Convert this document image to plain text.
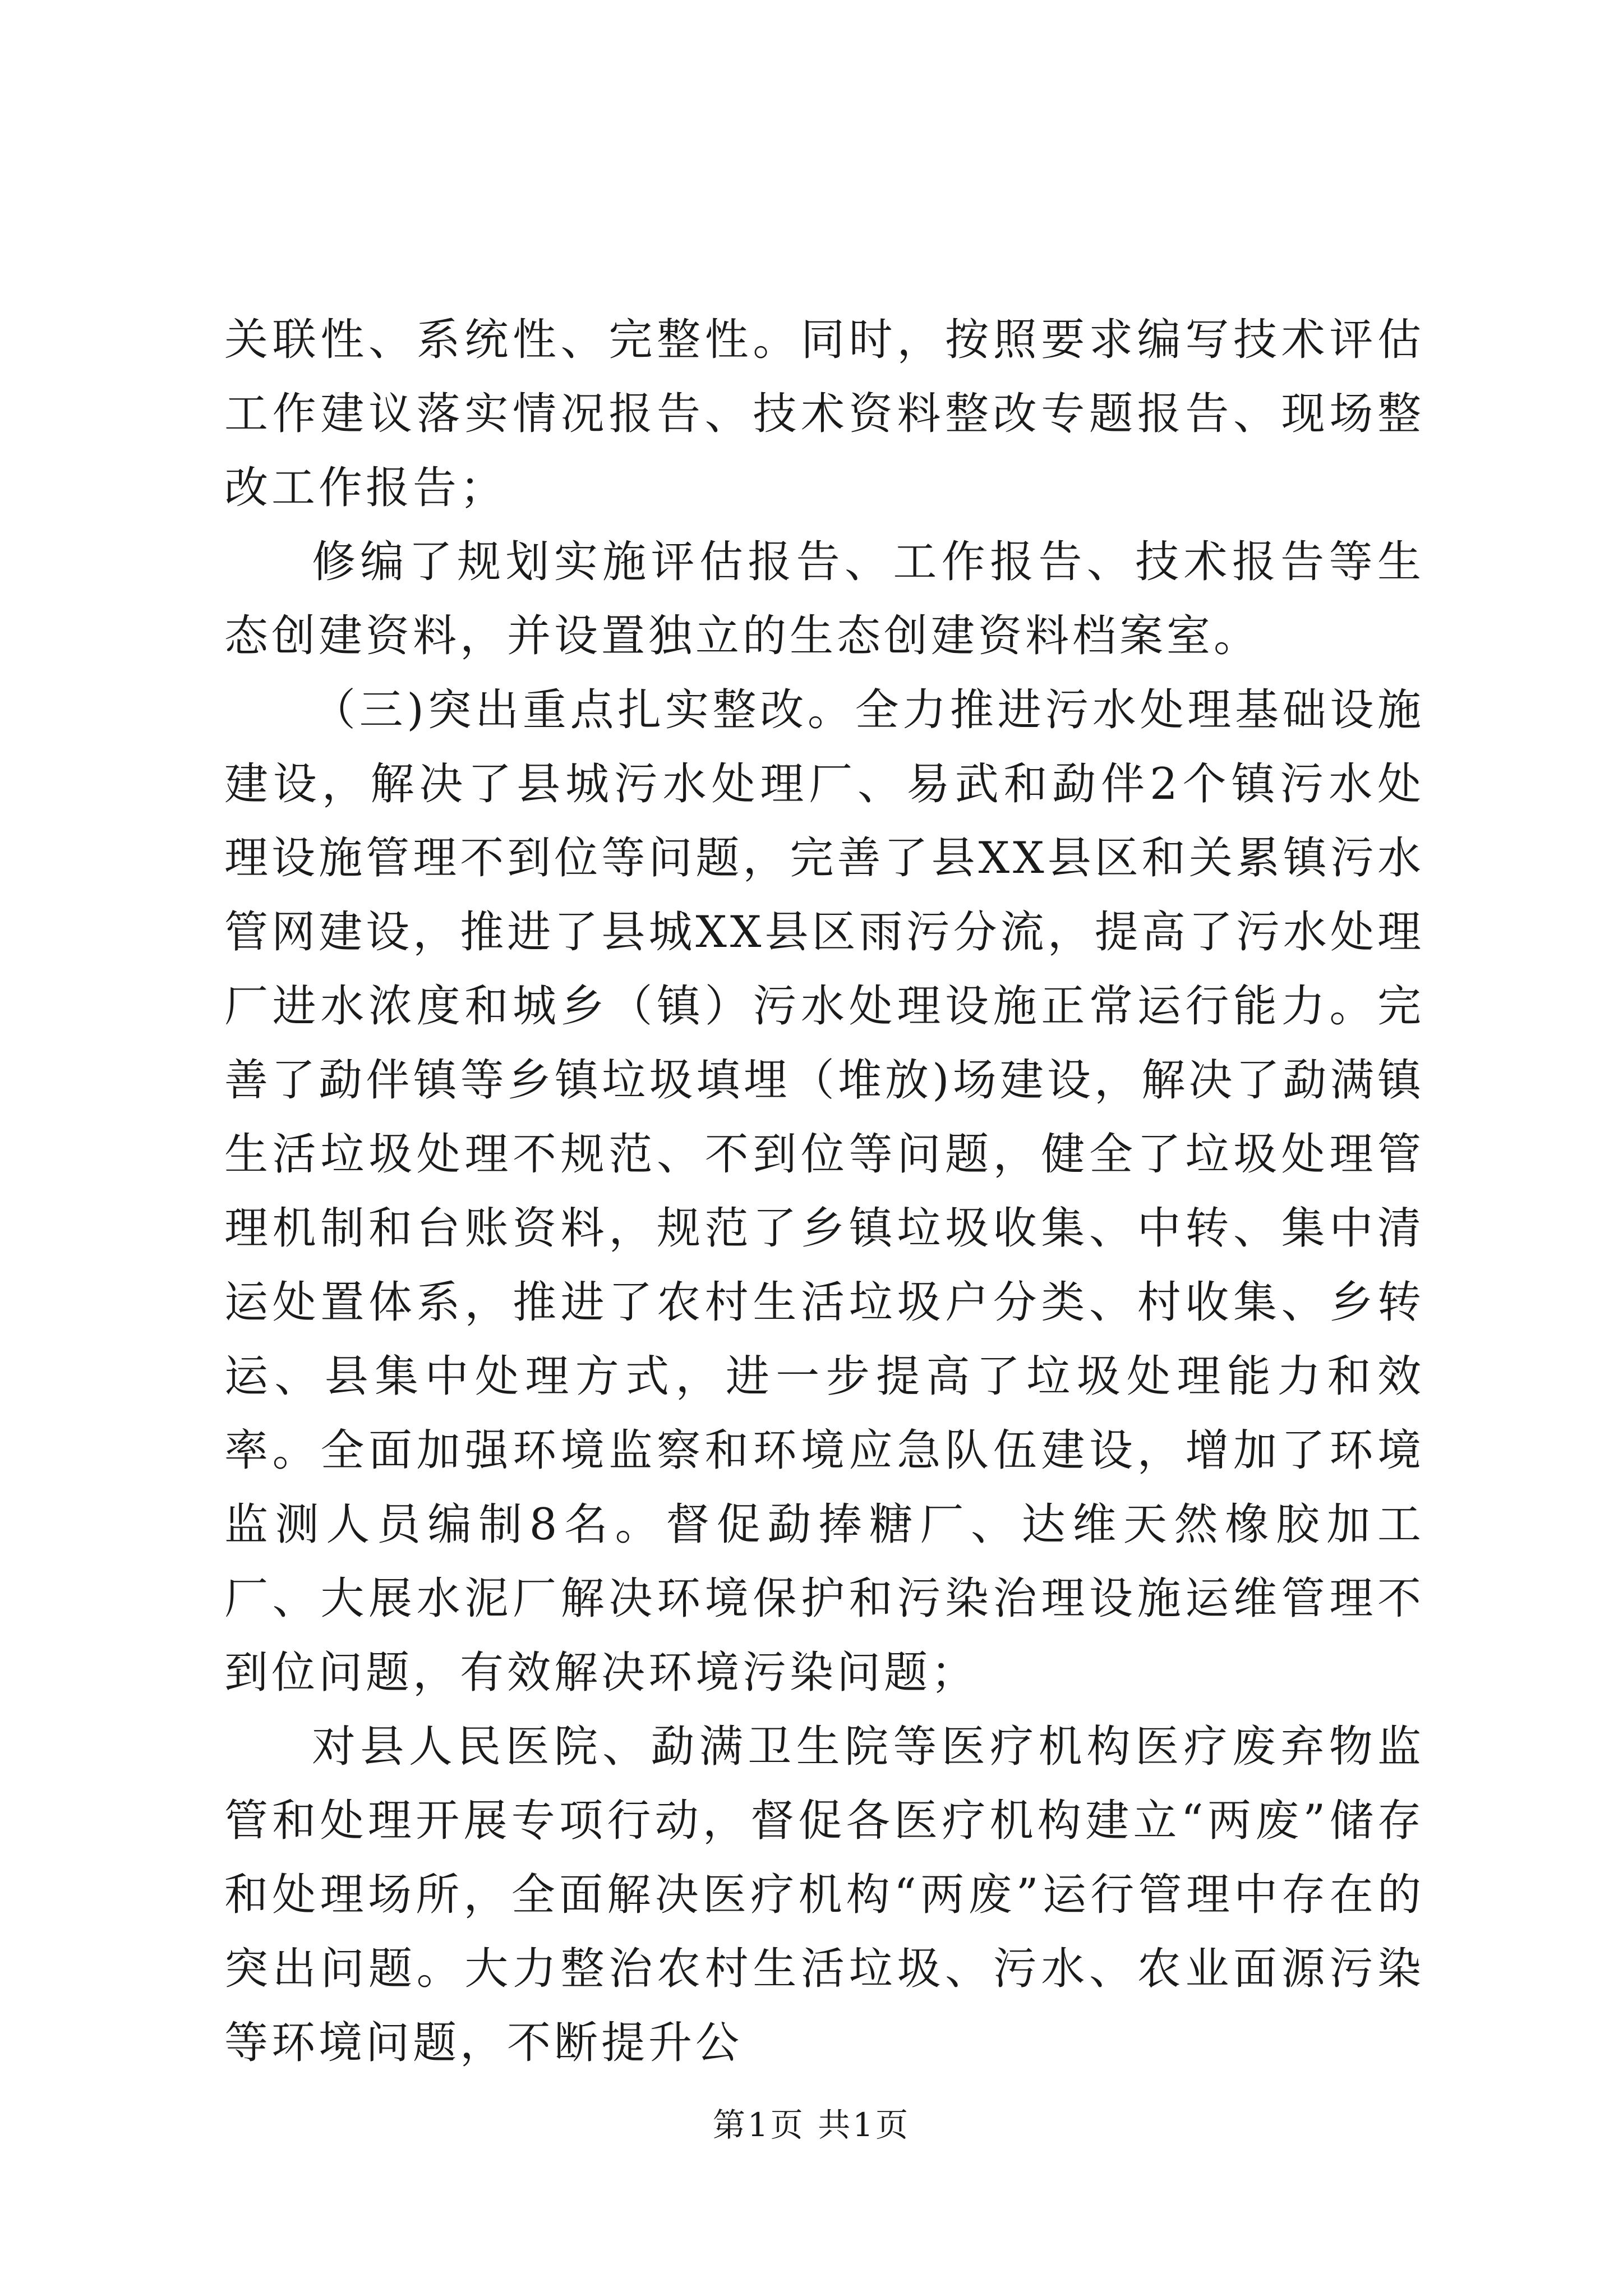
关联性、系统性、完整性。同时，按照要求编写技术评估工作建议落实情况报告、技术资料整改专题报告、现场整改工作报告；

修编了规划实施评估报告、工作报告、技术报告等生态创建资料，并设置独立的生态创建资料档案室。

（三)突出重点扎实整改。全力推进污水处理基础设施建设，解决了县城污水处理厂、易武和勐伴2个镇污水处理设施管理不到位等问题，完善了县XX县区和关累镇污水管网建设，推进了县城XX县区雨污分流，提高了污水处理厂进水浓度和城乡（镇）污水处理设施正常运行能力。完善了勐伴镇等乡镇垃圾填埋（堆放)场建设，解决了勐满镇生活垃圾处理不规范、不到位等问题，健全了垃圾处理管理机制和台账资料，规范了乡镇垃圾收集、中转、集中清运处置体系，推进了农村生活垃圾户分类、村收集、乡转运、县集中处理方式，进一步提高了垃圾处理能力和效率。全面加强环境监察和环境应急队伍建设，增加了环境监测人员编制8名。督促勐捧糖厂、达维天然橡胶加工厂、大展水泥厂解决环境保护和污染治理设施运维管理不到位问题，有效解决环境污染问题；

对县人民医院、勐满卫生院等医疗机构医疗废弃物监管和处理开展专项行动，督促各医疗机构建立“两废”储存和处理场所，全面解决医疗机构“两废”运行管理中存在的突出问题。大力整治农村生活垃圾、污水、农业面源污染等环境问题，不断提升公

第1页 共1页
